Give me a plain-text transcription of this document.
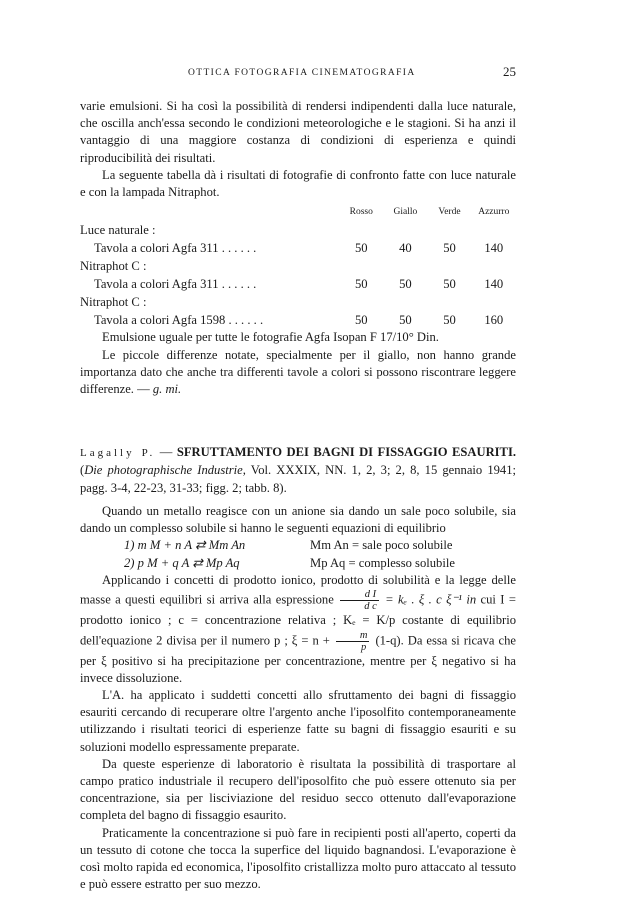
OTTICA FOTOGRAFIA CINEMATOGRAFIA	25

varie emulsioni. Si ha così la possibilità di rendersi indipendenti dalla luce naturale, che oscilla anch'essa secondo le condizioni meteorologiche e le stagioni. Si ha anzi il vantaggio di una maggiore costanza di condizioni di esperienza e quindi riproducibilità dei risultati.

La seguente tabella dà i risultati di fotografie di confronto fatte con luce naturale e con la lampada Nitraphot.

	Rosso	Giallo	Verde	Azzurro
Luce naturale :				
Tavola a colori Agfa 311 . . . . . .	50	40	50	140
Nitraphot C :				
Tavola a colori Agfa 311 . . . . . .	50	50	50	140
Nitraphot C :				
Tavola a colori Agfa 1598 . . . . . .	50	50	50	160

Emulsione uguale per tutte le fotografie Agfa Isopan F 17/10° Din.

Le piccole differenze notate, specialmente per il giallo, non hanno grande importanza dato che anche tra differenti tavole a colori si possono riscontrare leggere differenze. — g. mi.

Lagally P. — SFRUTTAMENTO DEI BAGNI DI FISSAGGIO ESAURITI. (Die photographische Industrie, Vol. XXXIX, NN. 1, 2, 3; 2, 8, 15 gennaio 1941; pagg. 3-4, 22-23, 31-33; figg. 2; tabb. 8).

Quando un metallo reagisce con un anione sia dando un sale poco solubile, sia dando un complesso solubile si hanno le seguenti equazioni di equilibrio

1) m M + n A ⇄ Mm An	Mm An = sale poco solubile
2) p M + q A ⇄ Mp Aq	Mp Aq = complesso solubile

Applicando i concetti di prodotto ionico, prodotto di solubilità e la legge delle masse a questi equilibri si arriva alla espressione $\frac{\text{d I}}{\text{d c}} = k_e$ . ξ . c ξ⁻¹ in cui I = prodotto ionico ; c = concentrazione relativa ; Kₑ = K/p costante di equilibrio dell'equazione 2 divisa per il numero p ; $\xi = n + \frac{m}{p} (1-q)$. Da essa si ricava che per ξ positivo si ha precipitazione per concentrazione, mentre per ξ negativo si ha invece dissoluzione.

L'A. ha applicato i suddetti concetti allo sfruttamento dei bagni di fissaggio esauriti cercando di recuperare oltre l'argento anche l'iposolfito contemporaneamente utilizzando i risultati teorici di esperienze fatte su bagni di fissaggio esauriti e su soluzioni modello espressamente preparate.

Da queste esperienze di laboratorio è risultata la possibilità di trasportare al campo pratico industriale il recupero dell'iposolfito che può essere ottenuto sia per concentrazione, sia per lisciviazione del residuo secco ottenuto dall'evaporazione completa del bagno di fissaggio esaurito.

Praticamente la concentrazione si può fare in recipienti posti all'aperto, coperti da un tessuto di cotone che tocca la superfice del liquido bagnandosi. L'evaporazione è così molto rapida ed economica, l'iposolfito cristallizza molto puro attaccato al tessuto e può essere estratto per suo mezzo.
